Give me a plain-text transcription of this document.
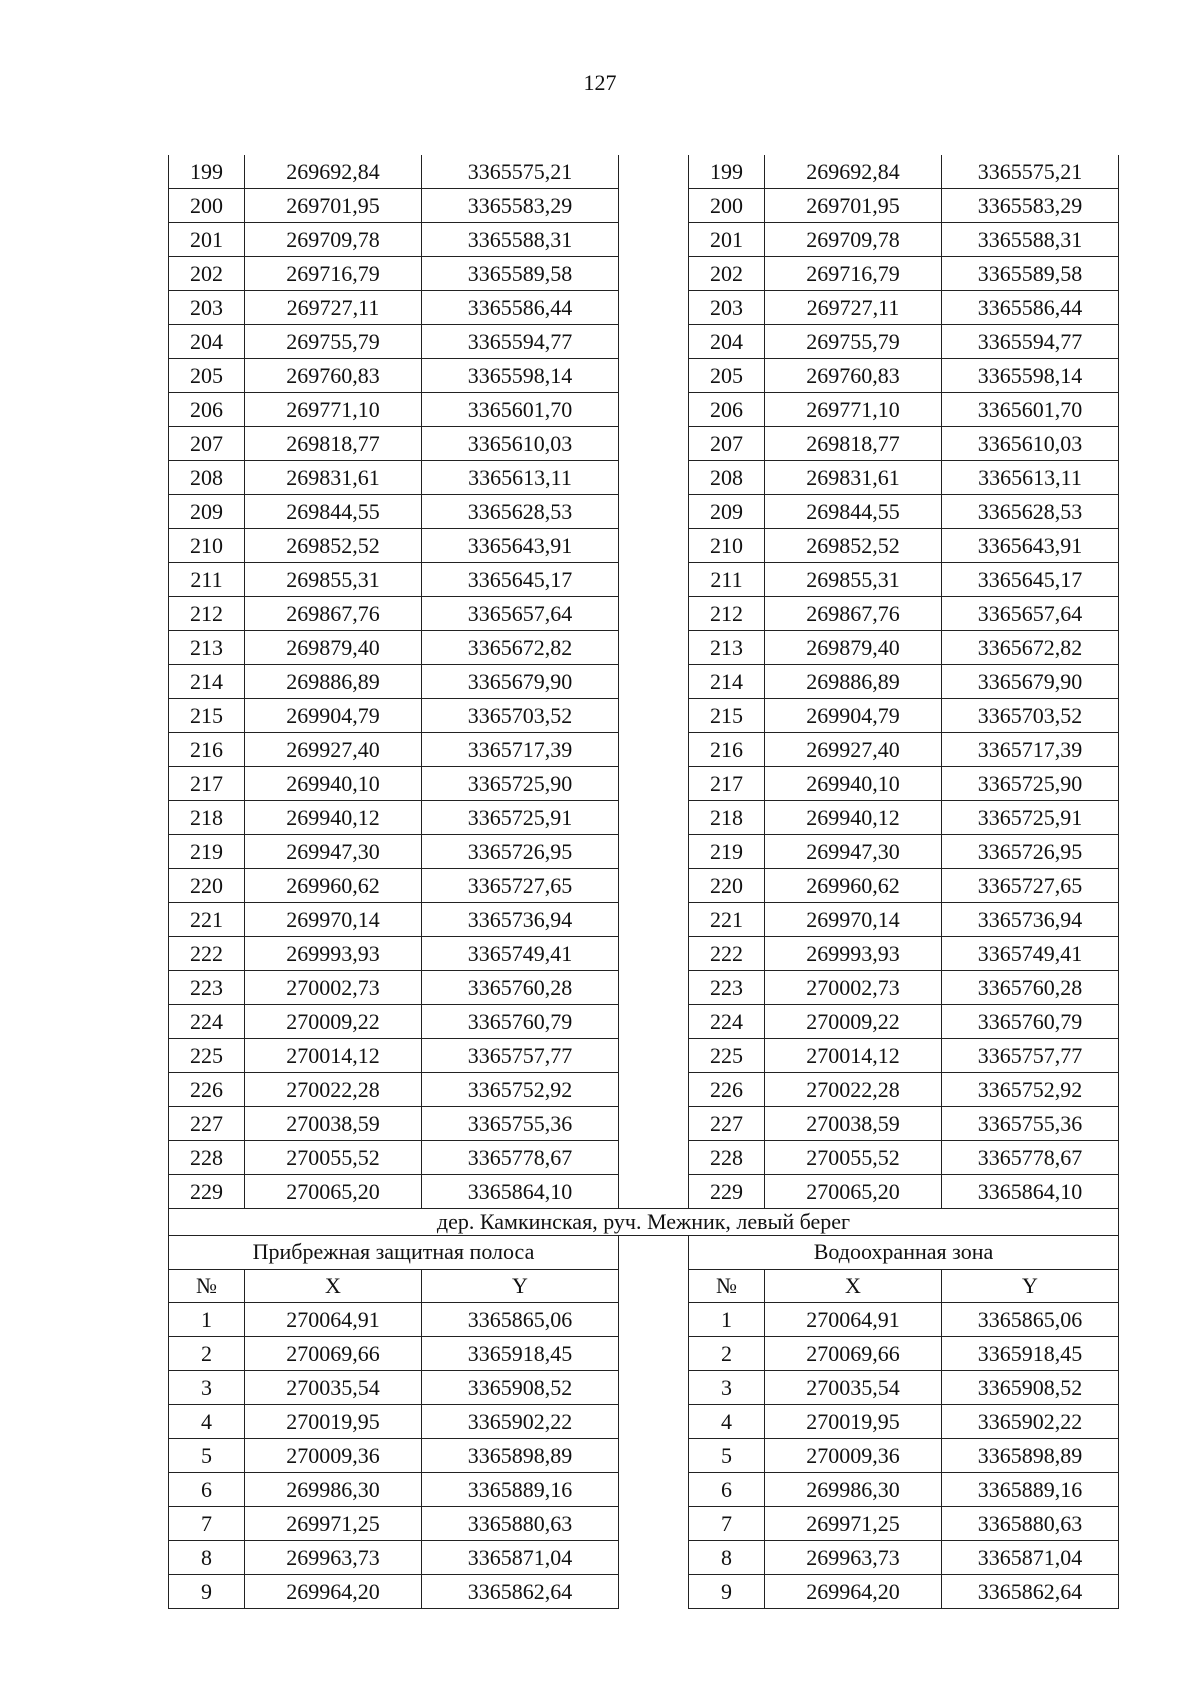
127
199	269692,84	3365575,21		199	269692,84	3365575,21
200	269701,95	3365583,29		200	269701,95	3365583,29
201	269709,78	3365588,31		201	269709,78	3365588,31
202	269716,79	3365589,58		202	269716,79	3365589,58
203	269727,11	3365586,44		203	269727,11	3365586,44
204	269755,79	3365594,77		204	269755,79	3365594,77
205	269760,83	3365598,14		205	269760,83	3365598,14
206	269771,10	3365601,70		206	269771,10	3365601,70
207	269818,77	3365610,03		207	269818,77	3365610,03
208	269831,61	3365613,11		208	269831,61	3365613,11
209	269844,55	3365628,53		209	269844,55	3365628,53
210	269852,52	3365643,91		210	269852,52	3365643,91
211	269855,31	3365645,17		211	269855,31	3365645,17
212	269867,76	3365657,64		212	269867,76	3365657,64
213	269879,40	3365672,82		213	269879,40	3365672,82
214	269886,89	3365679,90		214	269886,89	3365679,90
215	269904,79	3365703,52		215	269904,79	3365703,52
216	269927,40	3365717,39		216	269927,40	3365717,39
217	269940,10	3365725,90		217	269940,10	3365725,90
218	269940,12	3365725,91		218	269940,12	3365725,91
219	269947,30	3365726,95		219	269947,30	3365726,95
220	269960,62	3365727,65		220	269960,62	3365727,65
221	269970,14	3365736,94		221	269970,14	3365736,94
222	269993,93	3365749,41		222	269993,93	3365749,41
223	270002,73	3365760,28		223	270002,73	3365760,28
224	270009,22	3365760,79		224	270009,22	3365760,79
225	270014,12	3365757,77		225	270014,12	3365757,77
226	270022,28	3365752,92		226	270022,28	3365752,92
227	270038,59	3365755,36		227	270038,59	3365755,36
228	270055,52	3365778,67		228	270055,52	3365778,67
229	270065,20	3365864,10		229	270065,20	3365864,10
дер. Камкинская, руч. Межник, левый берег						
Прибрежная защитная полоса				Водоохранная зона		
№	X	Y		№	X	Y
1	270064,91	3365865,06		1	270064,91	3365865,06
2	270069,66	3365918,45		2	270069,66	3365918,45
3	270035,54	3365908,52		3	270035,54	3365908,52
4	270019,95	3365902,22		4	270019,95	3365902,22
5	270009,36	3365898,89		5	270009,36	3365898,89
6	269986,30	3365889,16		6	269986,30	3365889,16
7	269971,25	3365880,63		7	269971,25	3365880,63
8	269963,73	3365871,04		8	269963,73	3365871,04
9	269964,20	3365862,64		9	269964,20	3365862,64
